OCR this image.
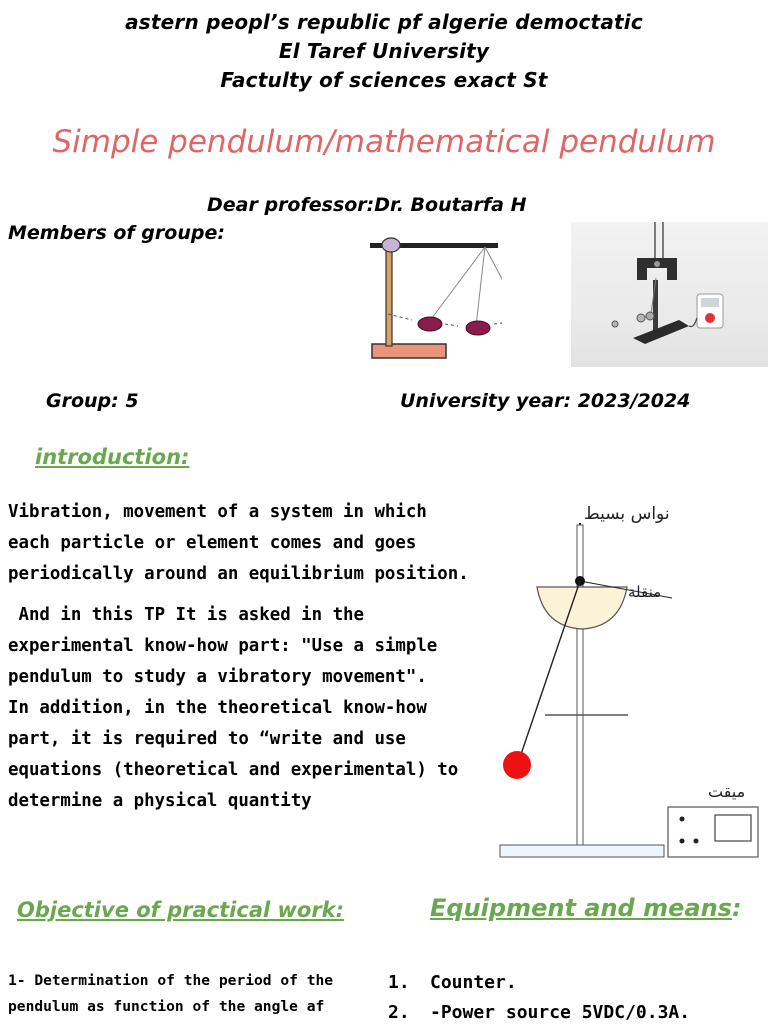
astern peopl’s republic pf algerie democtatic
El Taref University
Factulty of sciences exact St
Simple pendulum/mathematical pendulum
Dear professor:Dr. Boutarfa H
Members of groupe:
Group: 5	University year: 2023/2024
introduction:
Vibration, movement of a system in which
each particle or element comes and goes
periodically around an equilibrium position.
And in this TP It is asked in the
experimental know-how part: "Use a simple
pendulum to study a vibratory movement".
In addition, in the theoretical know-how
part, it is required to “write and use
equations (theoretical and experimental) to
determine a physical quantity
نواس بسيط
منقلة
ميقت
Objective of practical work:	Equipment and means:
1- Determination of the period of the
pendulum as function of the angle af
1. Counter.
2. -Power source 5VDC/0.3A.
